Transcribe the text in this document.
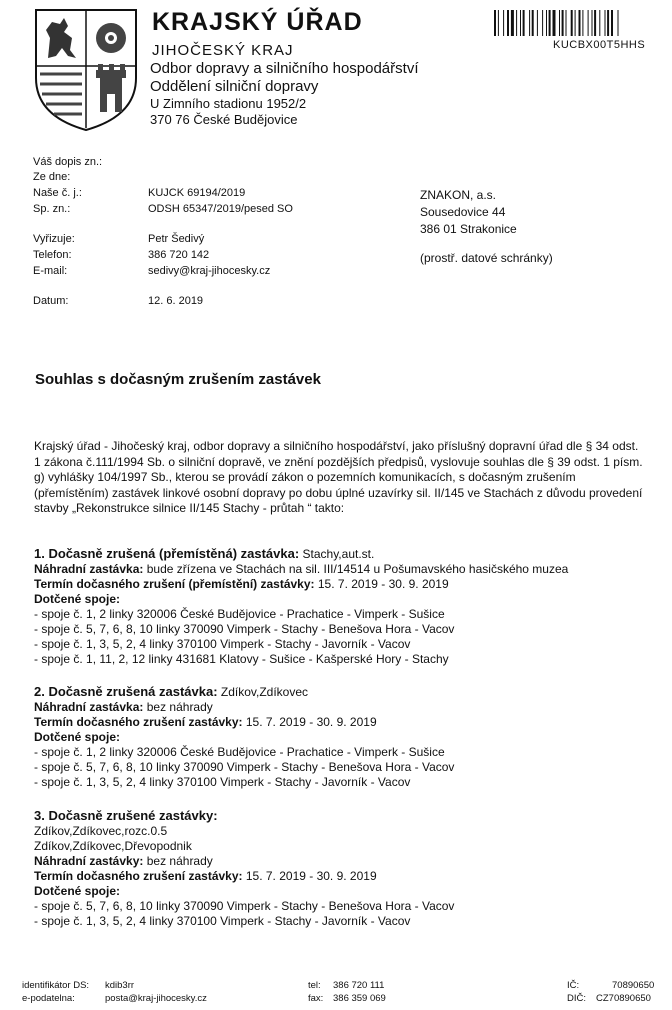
KRAJSKÝ ÚŘAD
JIHOČESKÝ KRAJ
Odbor dopravy a silničního hospodářství
Oddělení silniční dopravy
U Zimního stadionu 1952/2
370 76 České Budějovice
KUCBX00T5HHS
Váš dopis zn.:
Ze dne:
Naše č. j.:	KUJCK 69194/2019
Sp. zn.:	ODSH 65347/2019/pesed SO
Vyřizuje:	Petr Šedivý
Telefon:	386 720 142
E-mail:	sedivy@kraj-jihocesky.cz
Datum:	12. 6. 2019
ZNAKON, a.s.
Sousedovice 44
386 01 Strakonice
(prostř. datové schránky)
Souhlas s dočasným zrušením zastávek
Krajský úřad - Jihočeský kraj, odbor dopravy a silničního hospodářství, jako příslušný dopravní úřad dle § 34 odst. 1 zákona č.111/1994 Sb. o silniční dopravě, ve znění pozdějších předpisů, vyslovuje souhlas dle § 39 odst. 1 písm. g) vyhlášky 104/1997 Sb., kterou se provádí zákon o pozemních komunikacích, s dočasným zrušením (přemístěním) zastávek linkové osobní dopravy po dobu úplné uzavírky sil. II/145 ve Stachách z důvodu provedení stavby „Rekonstrukce silnice II/145 Stachy - průtah “ takto:
1. Dočasně zrušená (přemístěná) zastávka: Stachy,aut.st.
Náhradní zastávka: bude zřízena ve Stachách na sil. III/14514 u Pošumavského hasičského muzea
Termín dočasného zrušení (přemístění) zastávky: 15. 7. 2019 - 30. 9. 2019
Dotčené spoje:
- spoje č. 1, 2 linky 320006 České Budějovice - Prachatice - Vimperk - Sušice
- spoje č. 5, 7, 6, 8, 10 linky 370090 Vimperk - Stachy - Benešova Hora - Vacov
- spoje č. 1, 3, 5, 2, 4 linky 370100 Vimperk - Stachy - Javorník - Vacov
- spoje č. 1, 11, 2, 12 linky 431681 Klatovy - Sušice - Kašperské Hory - Stachy
2. Dočasně zrušená zastávka: Zdíkov,Zdíkovec
Náhradní zastávka: bez náhrady
Termín dočasného zrušení zastávky: 15. 7. 2019 - 30. 9. 2019
Dotčené spoje:
- spoje č. 1, 2 linky 320006 České Budějovice - Prachatice - Vimperk - Sušice
- spoje č. 5, 7, 6, 8, 10 linky 370090 Vimperk - Stachy - Benešova Hora - Vacov
- spoje č. 1, 3, 5, 2, 4 linky 370100 Vimperk - Stachy - Javorník - Vacov
3. Dočasně zrušené zastávky:
Zdíkov,Zdíkovec,rozc.0.5
Zdíkov,Zdíkovec,Dřevopodnik
Náhradní zastávky: bez náhrady
Termín dočasného zrušení zastávky: 15. 7. 2019 - 30. 9. 2019
Dotčené spoje:
- spoje č. 5, 7, 6, 8, 10 linky 370090 Vimperk - Stachy - Benešova Hora - Vacov
- spoje č. 1, 3, 5, 2, 4 linky 370100 Vimperk - Stachy - Javorník - Vacov
identifikátor DS: kdib3rr
e-podatelna:	posta@kraj-jihocesky.cz
tel: 386 720 111
fax: 386 359 069
IČ:	70890650
DIČ: CZ70890650
